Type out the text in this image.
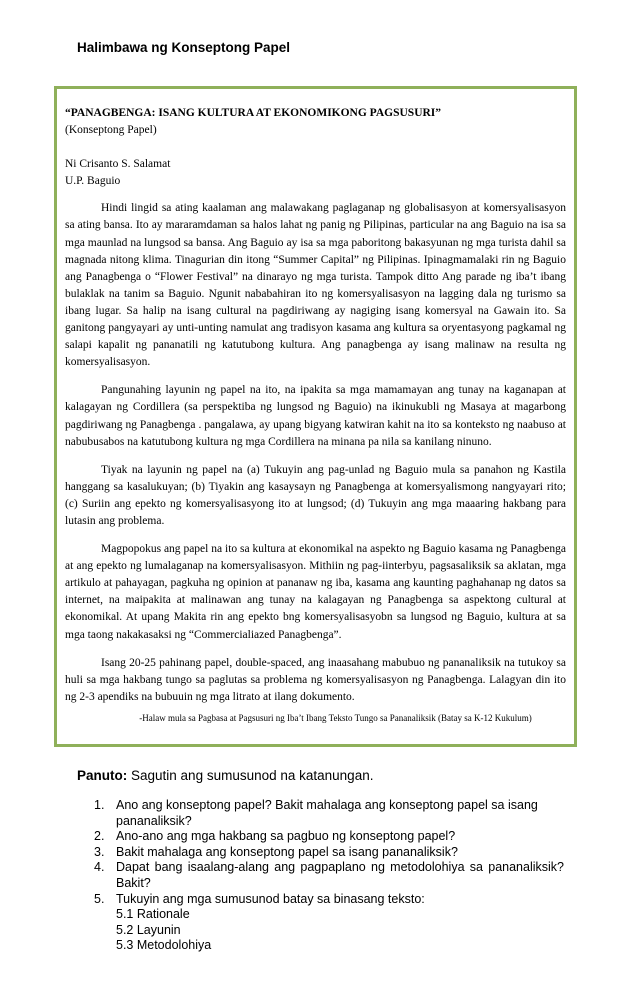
Halimbawa ng Konseptong Papel
“PANAGBENGA: ISANG KULTURA AT EKONOMIKONG PAGSUSURI”
(Konseptong Papel)
Ni Crisanto S. Salamat
U.P. Baguio

Hindi lingid sa ating kaalaman ang malawakang paglaganap ng globalisasyon at komersyalisasyon sa ating bansa. Ito ay mararamdaman sa halos lahat ng panig ng Pilipinas, particular na ang Baguio na isa sa mga maunlad na lungsod sa bansa. Ang Baguio ay isa sa mga paboritong bakasyunan ng mga turista dahil sa magnada nitong klima. Tinagurian din itong “Summer Capital” ng Pilipinas. Ipinagmamalaki rin ng Baguio ang Panagbenga o “Flower Festival” na dinarayo ng mga turista. Tampok ditto Ang parade ng iba’t ibang bulaklak na tanim sa Baguio. Ngunit nababahiran ito ng komersyalisasyon na lagging dala ng turismo sa ibang lugar. Sa halip na isang cultural na pagdiriwang ay nagiging isang komersyal na Gawain ito. Sa ganitong pangyayari ay unti-unting namulat ang tradisyon kasama ang kultura sa oryentasyong pagkamal ng salapi kapalit ng pananatili ng katutubong kultura. Ang panagbenga ay isang malinaw na resulta ng komersyalisasyon.

Pangunahing layunin ng papel na ito, na ipakita sa mga mamamayan ang tunay na kaganapan at kalagayan ng Cordillera (sa perspektiba ng lungsod ng Baguio) na ikinukubli ng Masaya at magarbong pagdiriwang ng Panagbenga . pangalawa, ay upang bigyang katwiran kahit na ito sa konteksto ng naabuso at nabubusabos na katutubong kultura ng mga Cordillera na minana pa nila sa kanilang ninuno.

Tiyak na layunin ng papel na (a) Tukuyin ang pag-unlad ng Baguio mula sa panahon ng Kastila hanggang sa kasalukuyan; (b) Tiyakin ang kasaysayn ng Panagbenga at komersyalismong nangyayari rito; (c) Suriin ang epekto ng komersyalisasyong ito at lungsod; (d) Tukuyin ang mga maaaring hakbang para lutasin ang problema.

Magpopokus ang papel na ito sa kultura at ekonomikal na aspekto ng Baguio kasama ng Panagbenga at ang epekto ng lumalaganap na komersyalisasyon. Mithiin ng pag-iinterbyu, pagsasaliksik sa aklatan, mga artikulo at pahayagan, pagkuha ng opinion at pananaw ng iba, kasama ang kaunting paghahanap ng datos sa internet, na maipakita at malinawan ang tunay na kalagayan ng Panagbenga sa aspektong cultural at ekonomikal. At upang Makita rin ang epekto bng komersyalisasyobn sa lungsod ng Baguio, kultura at sa mga taong nakakasaksi ng “Commercialiazed Panagbenga”.

Isang 20-25 pahinang papel, double-spaced, ang inaasahang mabubuo ng pananaliksik na tutukoy sa huli sa mga hakbang tungo sa paglutas sa problema ng komersyalisasyon ng Panagbenga. Lalagyan din ito ng 2-3 apendiks na bubuuin ng mga litrato at ilang dokumento.

-Halaw mula sa Pagbasa at Pagsusuri ng Iba’t Ibang Teksto Tungo sa Pananaliksik (Batay sa K-12 Kukulum)
Panuto: Sagutin ang sumusunod na katanungan.
1. Ano ang konseptong papel? Bakit mahalaga ang konseptong papel sa isang pananaliksik?
2. Ano-ano ang mga hakbang sa pagbuo ng konseptong papel?
3. Bakit mahalaga ang konseptong papel sa isang pananaliksik?
4. Dapat bang isaalang-alang ang pagpaplano ng metodolohiya sa pananaliksik?Bakit?
5. Tukuyin ang mga sumusunod batay sa binasang teksto:
5.1 Rationale
5.2 Layunin
5.3 Metodolohiya
